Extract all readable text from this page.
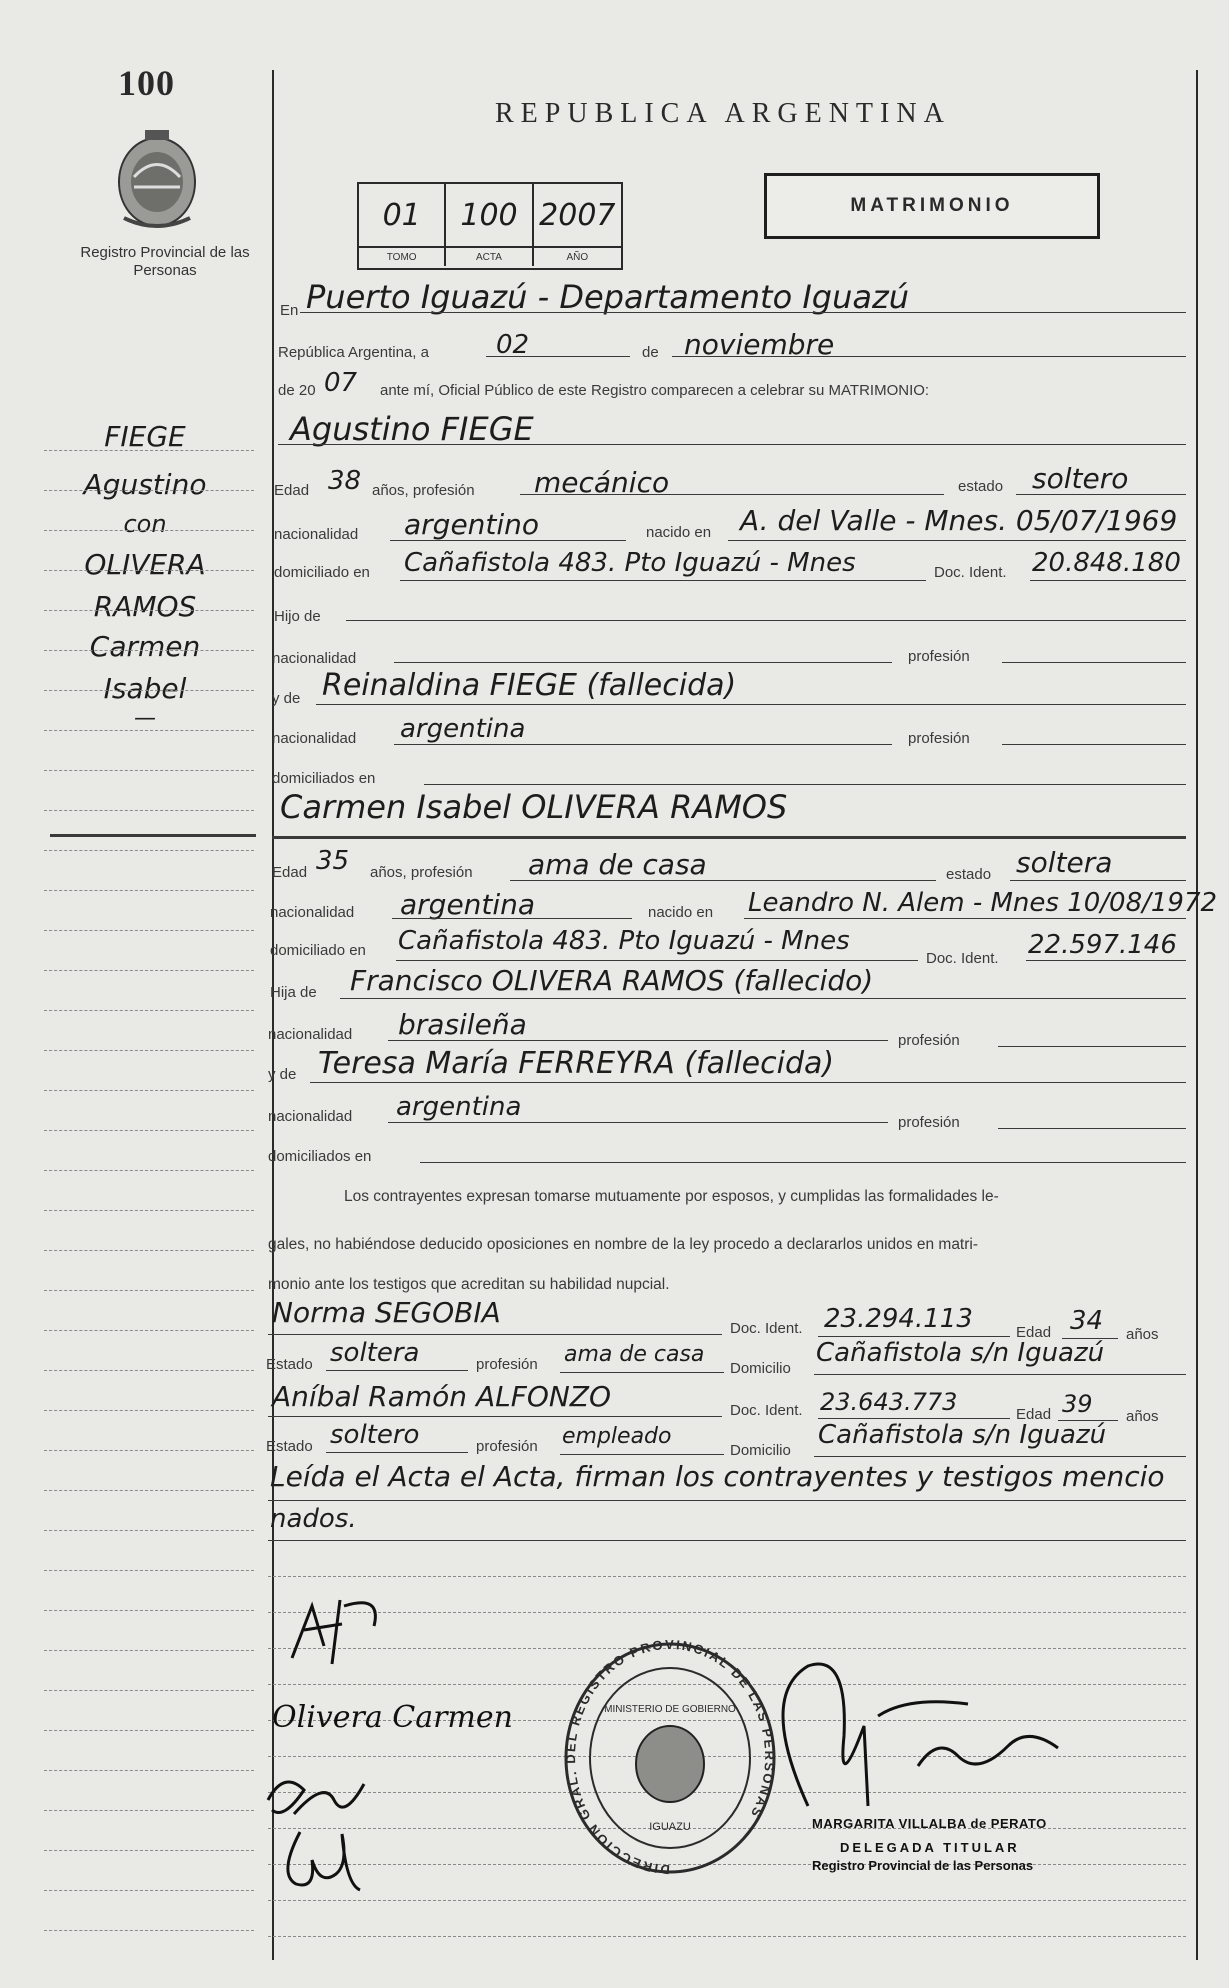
100
Registro Provincial de las Personas
REPUBLICA ARGENTINA
MATRIMONIO
01 100 2007
TOMO	ACTA	AÑO
FIEGE
Agustino
con
OLIVERA
RAMOS
Carmen
Isabel
—
En Puerto Iguazú - Departamento Iguazú
República Argentina, a	02	de noviembre
de 20 07 ante mí, Oficial Público de este Registro comparecen a celebrar su MATRIMONIO:
Agustino FIEGE
Edad 38 años, profesión mecánico	estado soltero
nacionalidad argentino	nacido en A. del Valle - Mnes. 05/07/1969
domiciliado en Cañafistola 483. Pto Iguazú - Mnes	Doc. Ident. 20.848.180
Hijo de
nacionalidad	profesión
y de Reinaldina FIEGE (fallecida)
nacionalidad argentina	profesión
domiciliados en
Carmen Isabel OLIVERA RAMOS
Edad 35 años, profesión ama de casa	estado soltera
nacionalidad argentina	nacido en Leandro N. Alem - Mnes 10/08/1972
domiciliado en Cañafistola 483. Pto Iguazú - Mnes
Doc. Ident. 22.597.146
Hija de Francisco OLIVERA RAMOS (fallecido)
nacionalidad brasileña	profesión
y de Teresa María FERREYRA (fallecida)
nacionalidad argentina
profesión
domiciliados en
Los contrayentes expresan tomarse mutuamente por esposos, y cumplidas las formalidades le-
gales, no habiéndose deducido oposiciones en nombre de la ley procedo a declararlos unidos en matri-
monio ante los testigos que acreditan su habilidad nupcial.
Norma SEGOBIA	Doc. Ident. 23.294.113	Edad 34 años
Estado soltera	profesión ama de casa
Domicilio
Cañafistola s/n Iguazú
Aníbal Ramón ALFONZO	Doc. Ident. 23.643.773	Edad 39 años
Estado soltero	profesión empleado
Domicilio
Cañafistola s/n Iguazú
Leída el Acta el Acta, firman los contrayentes y testigos mencio
nados.
Olivera Carmen
DIRECCION GRAL. DEL REGISTRO PROVINCIAL DE LAS PERSONAS
MINISTERIO DE GOBIERNO
IGUAZU	MARGARITA VILLALBA de PERATO
DELEGADA TITULAR
Registro Provincial de las Personas
